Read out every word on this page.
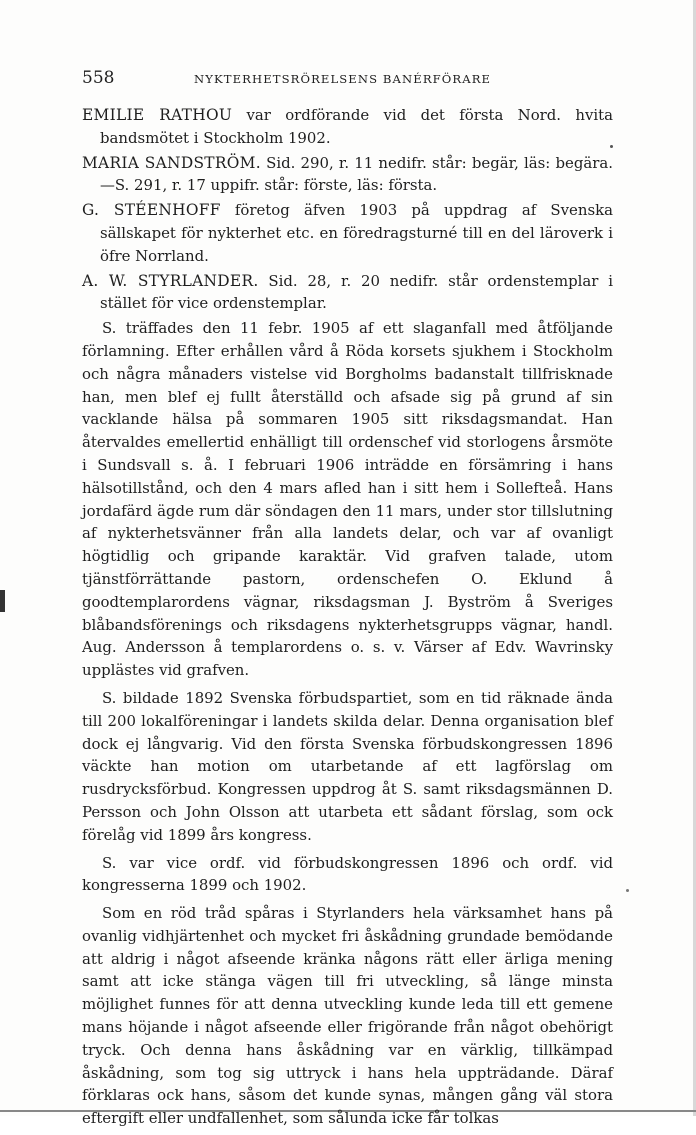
558	NYKTERHETSRÖRELSENS BANÉRFÖRARE

EMILIE RATHOU var ordförande vid det första Nord. hvita bandsmötet i Stockholm 1902.

MARIA SANDSTRÖM. Sid. 290, r. 11 nedifr. står: begär, läs: begära.—S. 291, r. 17 uppifr. står: förste, läs: första.

G. STÉENHOFF företog äfven 1903 på uppdrag af Svenska sällskapet för nykterhet etc. en föredragsturné till en del läroverk i öfre Norrland.

A. W. STYRLANDER. Sid. 28, r. 20 nedifr. står ordenstemplar i stället för vice ordenstemplar.

S. träffades den 11 febr. 1905 af ett slaganfall med åtföljande förlamning. Efter erhållen vård å Röda korsets sjukhem i Stockholm och några månaders vistelse vid Borgholms badanstalt tillfrisknade han, men blef ej fullt återställd och afsade sig på grund af sin vacklande hälsa på sommaren 1905 sitt riksdagsmandat. Han återvaldes emellertid enhälligt till ordenschef vid storlogens årsmöte i Sundsvall s. å. I februari 1906 inträdde en försämring i hans hälsotillstånd, och den 4 mars afled han i sitt hem i Sollefteå. Hans jordafärd ägde rum där söndagen den 11 mars, under stor tillslutning af nykterhetsvänner från alla landets delar, och var af ovanligt högtidlig och gripande karaktär. Vid grafven talade, utom tjänstförrättande pastorn, ordenschefen O. Eklund å goodtemplarordens vägnar, riksdagsman J. Byström å Sveriges blåbandsförenings och riksdagens nykterhetsgrupps vägnar, handl. Aug. Andersson å templarordens o. s. v. Värser af Edv. Wavrinsky upplästes vid grafven.

S. bildade 1892 Svenska förbudspartiet, som en tid räknade ända till 200 lokalföreningar i landets skilda delar. Denna organisation blef dock ej långvarig. Vid den första Svenska förbudskongressen 1896 väckte han motion om utarbetande af ett lagförslag om rusdrycksförbud. Kongressen uppdrog åt S. samt riksdagsmännen D. Persson och John Olsson att utarbeta ett sådant förslag, som ock förelåg vid 1899 års kongress.

S. var vice ordf. vid förbudskongressen 1896 och ordf. vid kongresserna 1899 och 1902.

Som en röd tråd spåras i Styrlanders hela värksamhet hans på ovanlig vidhjärtenhet och mycket fri åskådning grundade bemödande att aldrig i något afseende kränka någons rätt eller ärliga mening samt att icke stänga vägen till fri utveckling, så länge minsta möjlighet funnes för att denna utveckling kunde leda till ett gemene mans höjande i något afseende eller frigörande från något obehörigt tryck. Och denna hans åskådning var en värklig, tillkämpad åskådning, som tog sig uttryck i hans hela uppträdande. Däraf förklaras ock hans, såsom det kunde synas, mången gång väl stora eftergift eller undfallenhet, som sålunda icke får tolkas
